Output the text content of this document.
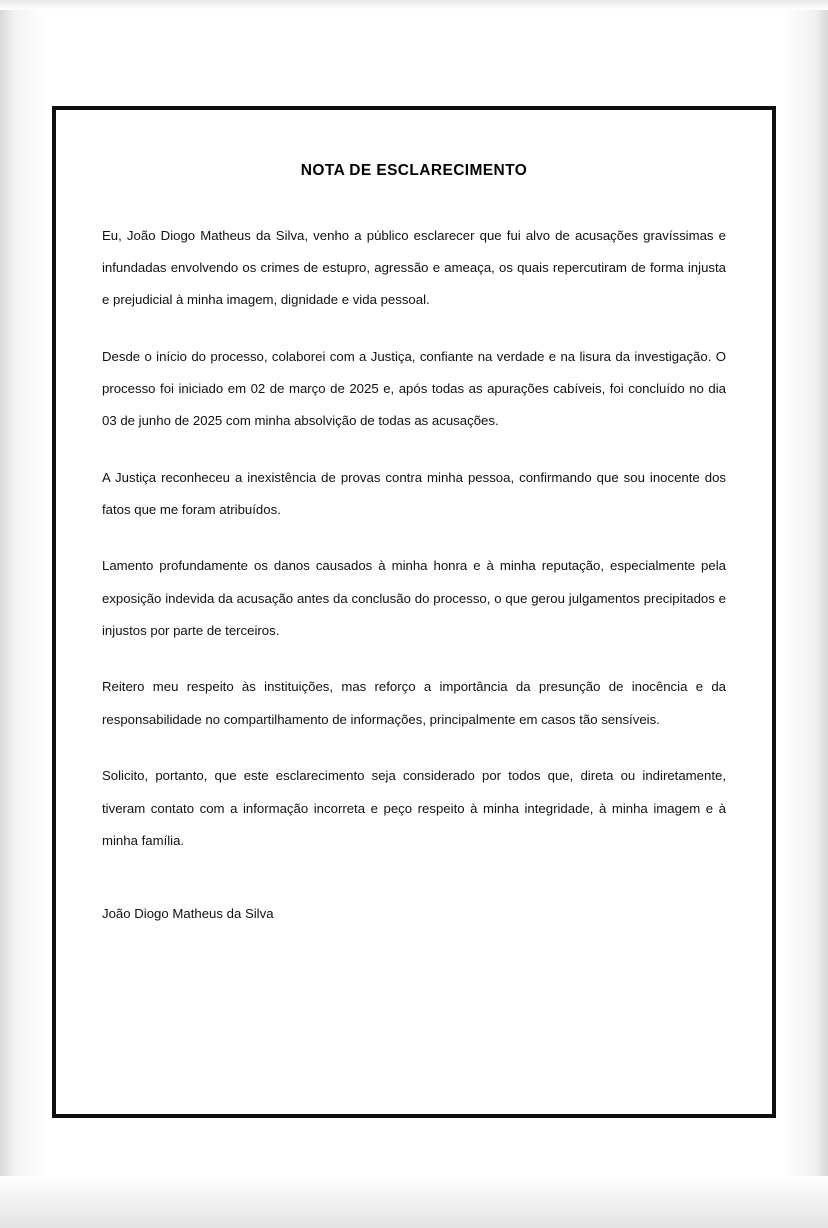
NOTA DE ESCLARECIMENTO

Eu, João Diogo Matheus da Silva, venho a público esclarecer que fui alvo de acusações gravíssimas e infundadas envolvendo os crimes de estupro, agressão e ameaça, os quais repercutiram de forma injusta e prejudicial à minha imagem, dignidade e vida pessoal.

Desde o início do processo, colaborei com a Justiça, confiante na verdade e na lisura da investigação. O processo foi iniciado em 02 de março de 2025 e, após todas as apurações cabíveis, foi concluído no dia 03 de junho de 2025 com minha absolvição de todas as acusações.

A Justiça reconheceu a inexistência de provas contra minha pessoa, confirmando que sou inocente dos fatos que me foram atribuídos.

Lamento profundamente os danos causados à minha honra e à minha reputação, especialmente pela exposição indevida da acusação antes da conclusão do processo, o que gerou julgamentos precipitados e injustos por parte de terceiros.

Reitero meu respeito às instituições, mas reforço a importância da presunção de inocência e da responsabilidade no compartilhamento de informações, principalmente em casos tão sensíveis.

Solicito, portanto, que este esclarecimento seja considerado por todos que, direta ou indiretamente, tiveram contato com a informação incorreta e peço respeito à minha integridade, à minha imagem e à minha família.

João Diogo Matheus da Silva
